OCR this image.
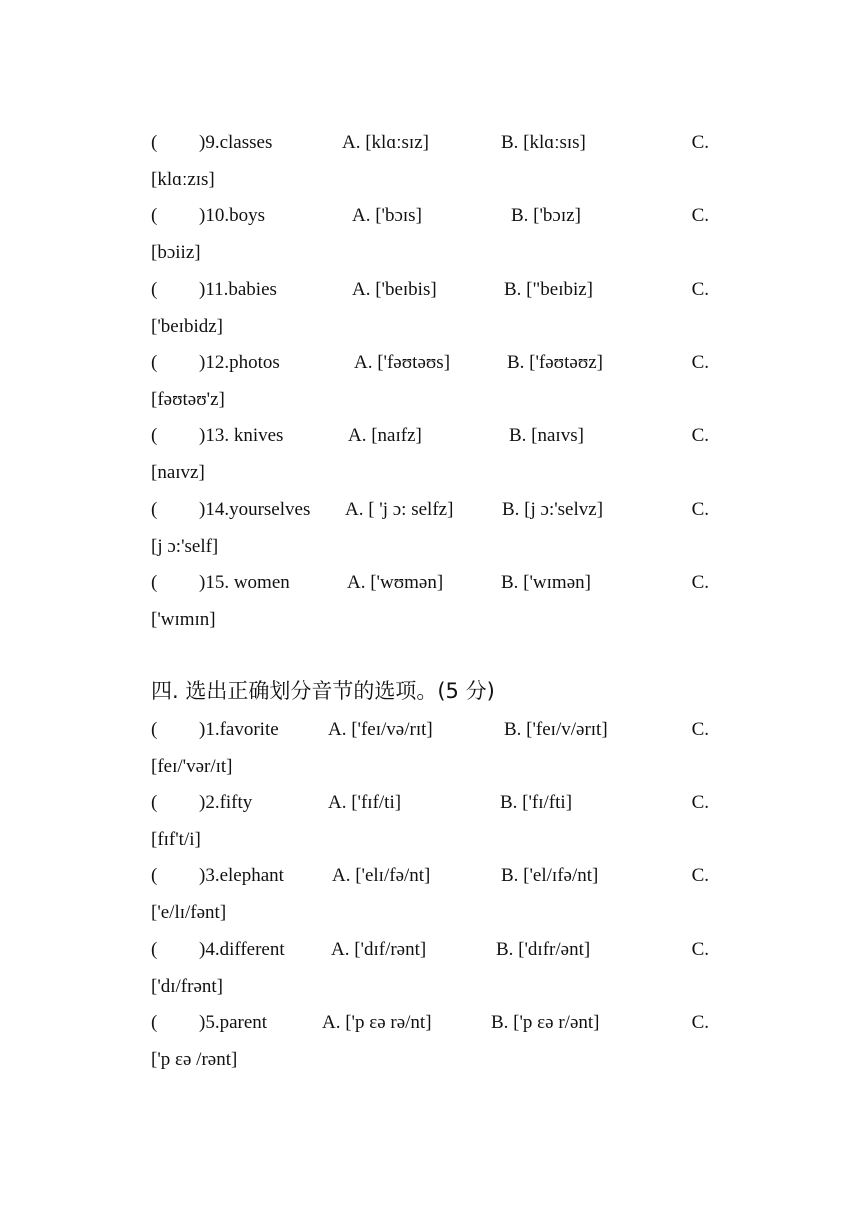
( )9.classes	A. [klɑːsɪz]	B. [klɑːsɪs]	C.
[klɑːzɪs]
( )10.boys	A. ['bɔɪs]	B. ['bɔɪz]	C.
[bɔiiz]
( )11.babies	A. ['beɪbis]	B. ["beɪbiz]	C.
['beɪbidz]
( )12.photos	A. ['fəʊtəʊs]	B. ['fəʊtəʊz]	C.
[fəʊtəʊ'z]
( )13. knives	A. [naɪfz]	B. [naɪvs]	C.
[naɪvz]
( )14.yourselves A. [ 'j ɔ: selfz]	B. [j ɔ:'selvz]	C.
[j ɔ:'self]
( )15. women	A. ['wʊmən]	B. ['wɪmən]	C.
['wɪmɪn]
四. 选出正确划分音节的选项。(5 分)
( )1.favorite	A. ['feɪ/və/rɪt]	B. ['feɪ/v/ərɪt]	C.
[feɪ/'vər/ɪt]
( )2.fifty	A. ['fɪf/ti]	B. ['fɪ/fti]	C.
[fɪf't/i]
( )3.elephant	A. ['elɪ/fə/nt]	B. ['el/ɪfə/nt]	C.
['e/lɪ/fənt]
( )4.different A. ['dɪf/rənt]	B. ['dɪfr/ənt]	C.
['dɪ/frənt]
( )5.parent	A. ['p εə rə/nt]	B. ['p εə r/ənt]	C.
['p εə /rənt]
